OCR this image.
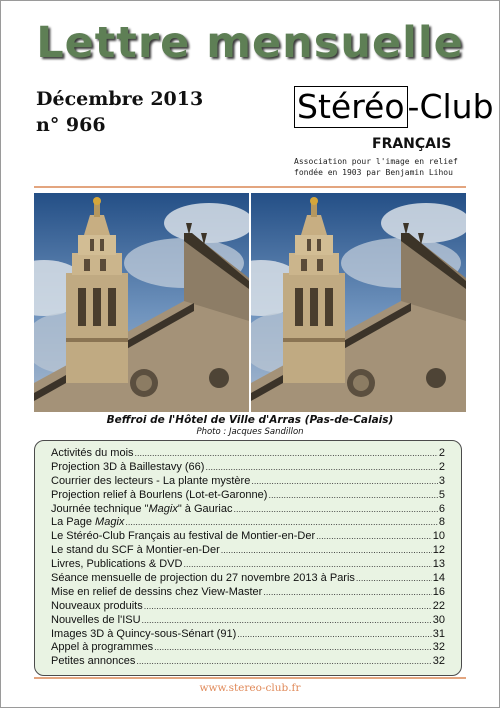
Lettre mensuelle
Décembre 2013
n° 966	Stéréo-Club
FRANÇAIS
Association pour l'image en relief
fondée en 1903 par Benjamin Lihou
Beffroi de l'Hôtel de Ville d'Arras (Pas-de-Calais)
Photo : Jacques Sandillon
Activités du mois .....	2
Projection 3D à Baillestavy (66) .....	2
Courrier des lecteurs - La plante mystère .....	3
Projection relief à Bourlens (Lot-et-Garonne) .....	5
Journée technique "Magix" à Gauriac .....	6
La Page Magix .....	8
Le Stéréo-Club Français au festival de Montier-en-Der .....	10
Le stand du SCF à Montier-en-Der .....	12
Livres, Publications & DVD .....	13
Séance mensuelle de projection du 27 novembre 2013 à Paris .....	14
Mise en relief de dessins chez View-Master .....	16
Nouveaux produits .....	22
Nouvelles de l'ISU .....	30
Images 3D à Quincy-sous-Sénart (91) .....	31
Appel à programmes .....	32
Petites annonces .....	32
www.stereo-club.fr
